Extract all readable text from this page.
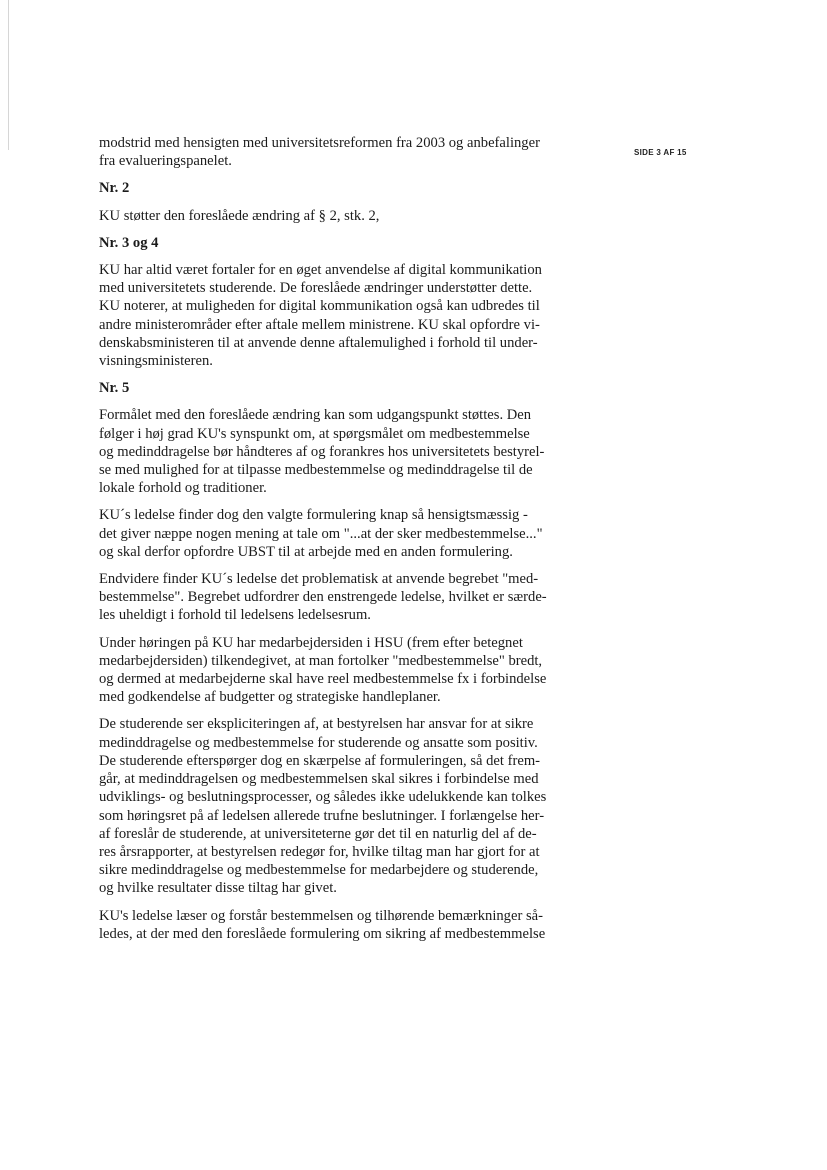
SIDE 3 AF 15

modstrid med hensigten med universitetsreformen fra 2003 og anbefalinger
fra evalueringspanelet.

Nr. 2

KU støtter den foreslåede ændring af § 2, stk. 2,

Nr. 3 og 4

KU har altid været fortaler for en øget anvendelse af digital kommunikation
med universitetets studerende. De foreslåede ændringer understøtter dette.
KU noterer, at muligheden for digital kommunikation også kan udbredes til
andre ministerområder efter aftale mellem ministrene. KU skal opfordre vi-
denskabsministeren til at anvende denne aftalemulighed i forhold til under-
visningsministeren.

Nr. 5

Formålet med den foreslåede ændring kan som udgangspunkt støttes. Den
følger i høj grad KU's synspunkt om, at spørgsmålet om medbestemmelse
og medinddragelse bør håndteres af og forankres hos universitetets bestyrel-
se med mulighed for at tilpasse medbestemmelse og medinddragelse til de
lokale forhold og traditioner.

KU´s ledelse finder dog den valgte formulering knap så hensigtsmæssig -
det giver næppe nogen mening at tale om "...at der sker medbestemmelse..."
og skal derfor opfordre UBST til at arbejde med en anden formulering.

Endvidere finder KU´s ledelse det problematisk at anvende begrebet "med-
bestemmelse". Begrebet udfordrer den enstrengede ledelse, hvilket er særde-
les uheldigt i forhold til ledelsens ledelsesrum.

Under høringen på KU har medarbejdersiden i HSU (frem efter betegnet
medarbejdersiden) tilkendegivet, at man fortolker "medbestemmelse" bredt,
og dermed at medarbejderne skal have reel medbestemmelse fx i forbindelse
med godkendelse af budgetter og strategiske handleplaner.

De studerende ser ekspliciteringen af, at bestyrelsen har ansvar for at sikre
medinddragelse og medbestemmelse for studerende og ansatte som positiv.
De studerende efterspørger dog en skærpelse af formuleringen, så det frem-
går, at medinddragelsen og medbestemmelsen skal sikres i forbindelse med
udviklings- og beslutningsprocesser, og således ikke udelukkende kan tolkes
som høringsret på af ledelsen allerede trufne beslutninger. I forlængelse her-
af foreslår de studerende, at universiteterne gør det til en naturlig del af de-
res årsrapporter, at bestyrelsen redegør for, hvilke tiltag man har gjort for at
sikre medinddragelse og medbestemmelse for medarbejdere og studerende,
og hvilke resultater disse tiltag har givet.

KU's ledelse læser og forstår bestemmelsen og tilhørende bemærkninger så-
ledes, at der med den foreslåede formulering om sikring af medbestemmelse
